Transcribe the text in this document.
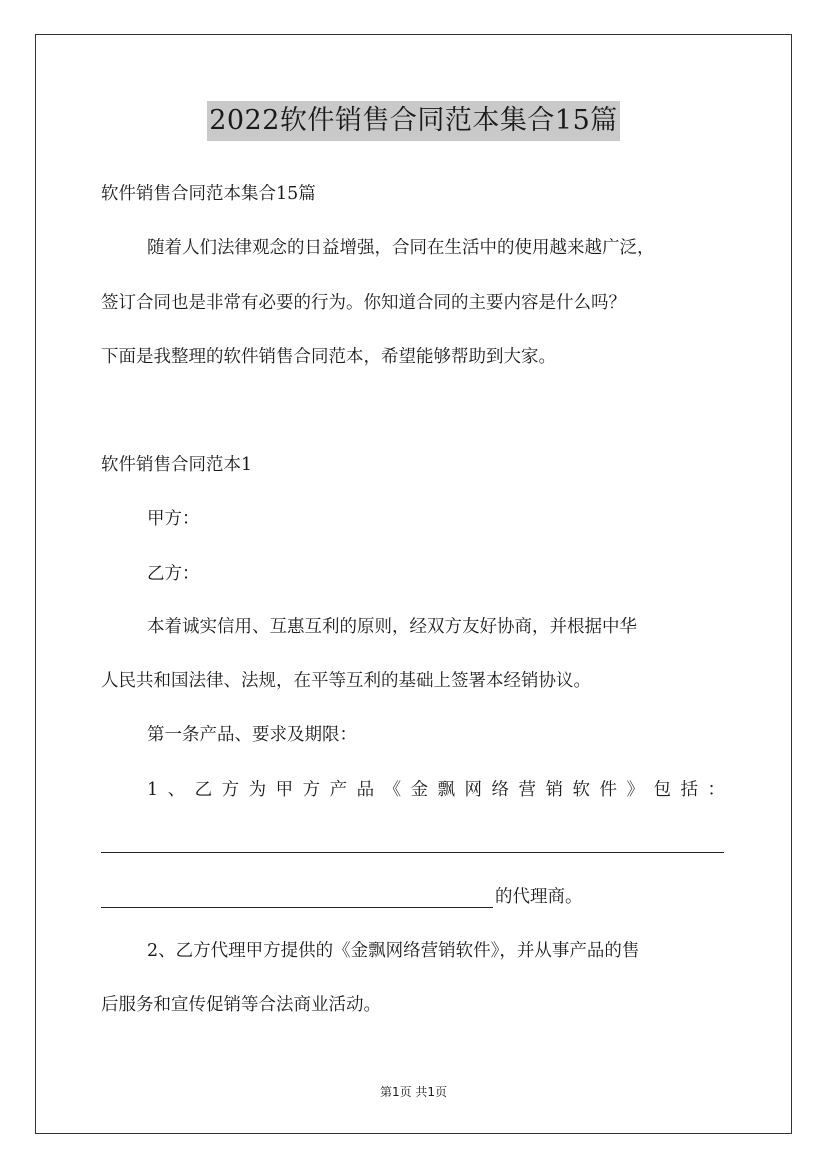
2022软件销售合同范本集合15篇
软件销售合同范本集合15篇
随着人们法律观念的日益增强，合同在生活中的使用越来越广泛，
签订合同也是非常有必要的行为。你知道合同的主要内容是什么吗？
下面是我整理的软件销售合同范本，希望能够帮助到大家。
软件销售合同范本1
甲方：
乙方：
本着诚实信用、互惠互利的原则，经双方友好协商，并根据中华
人民共和国法律、法规，在平等互利的基础上签署本经销协议。
第一条产品、要求及期限：
1、乙方为甲方产品《金飘网络营销软件》包括：
的代理商。
2、乙方代理甲方提供的《金飘网络营销软件》，并从事产品的售
后服务和宣传促销等合法商业活动。
第1页 共1页
